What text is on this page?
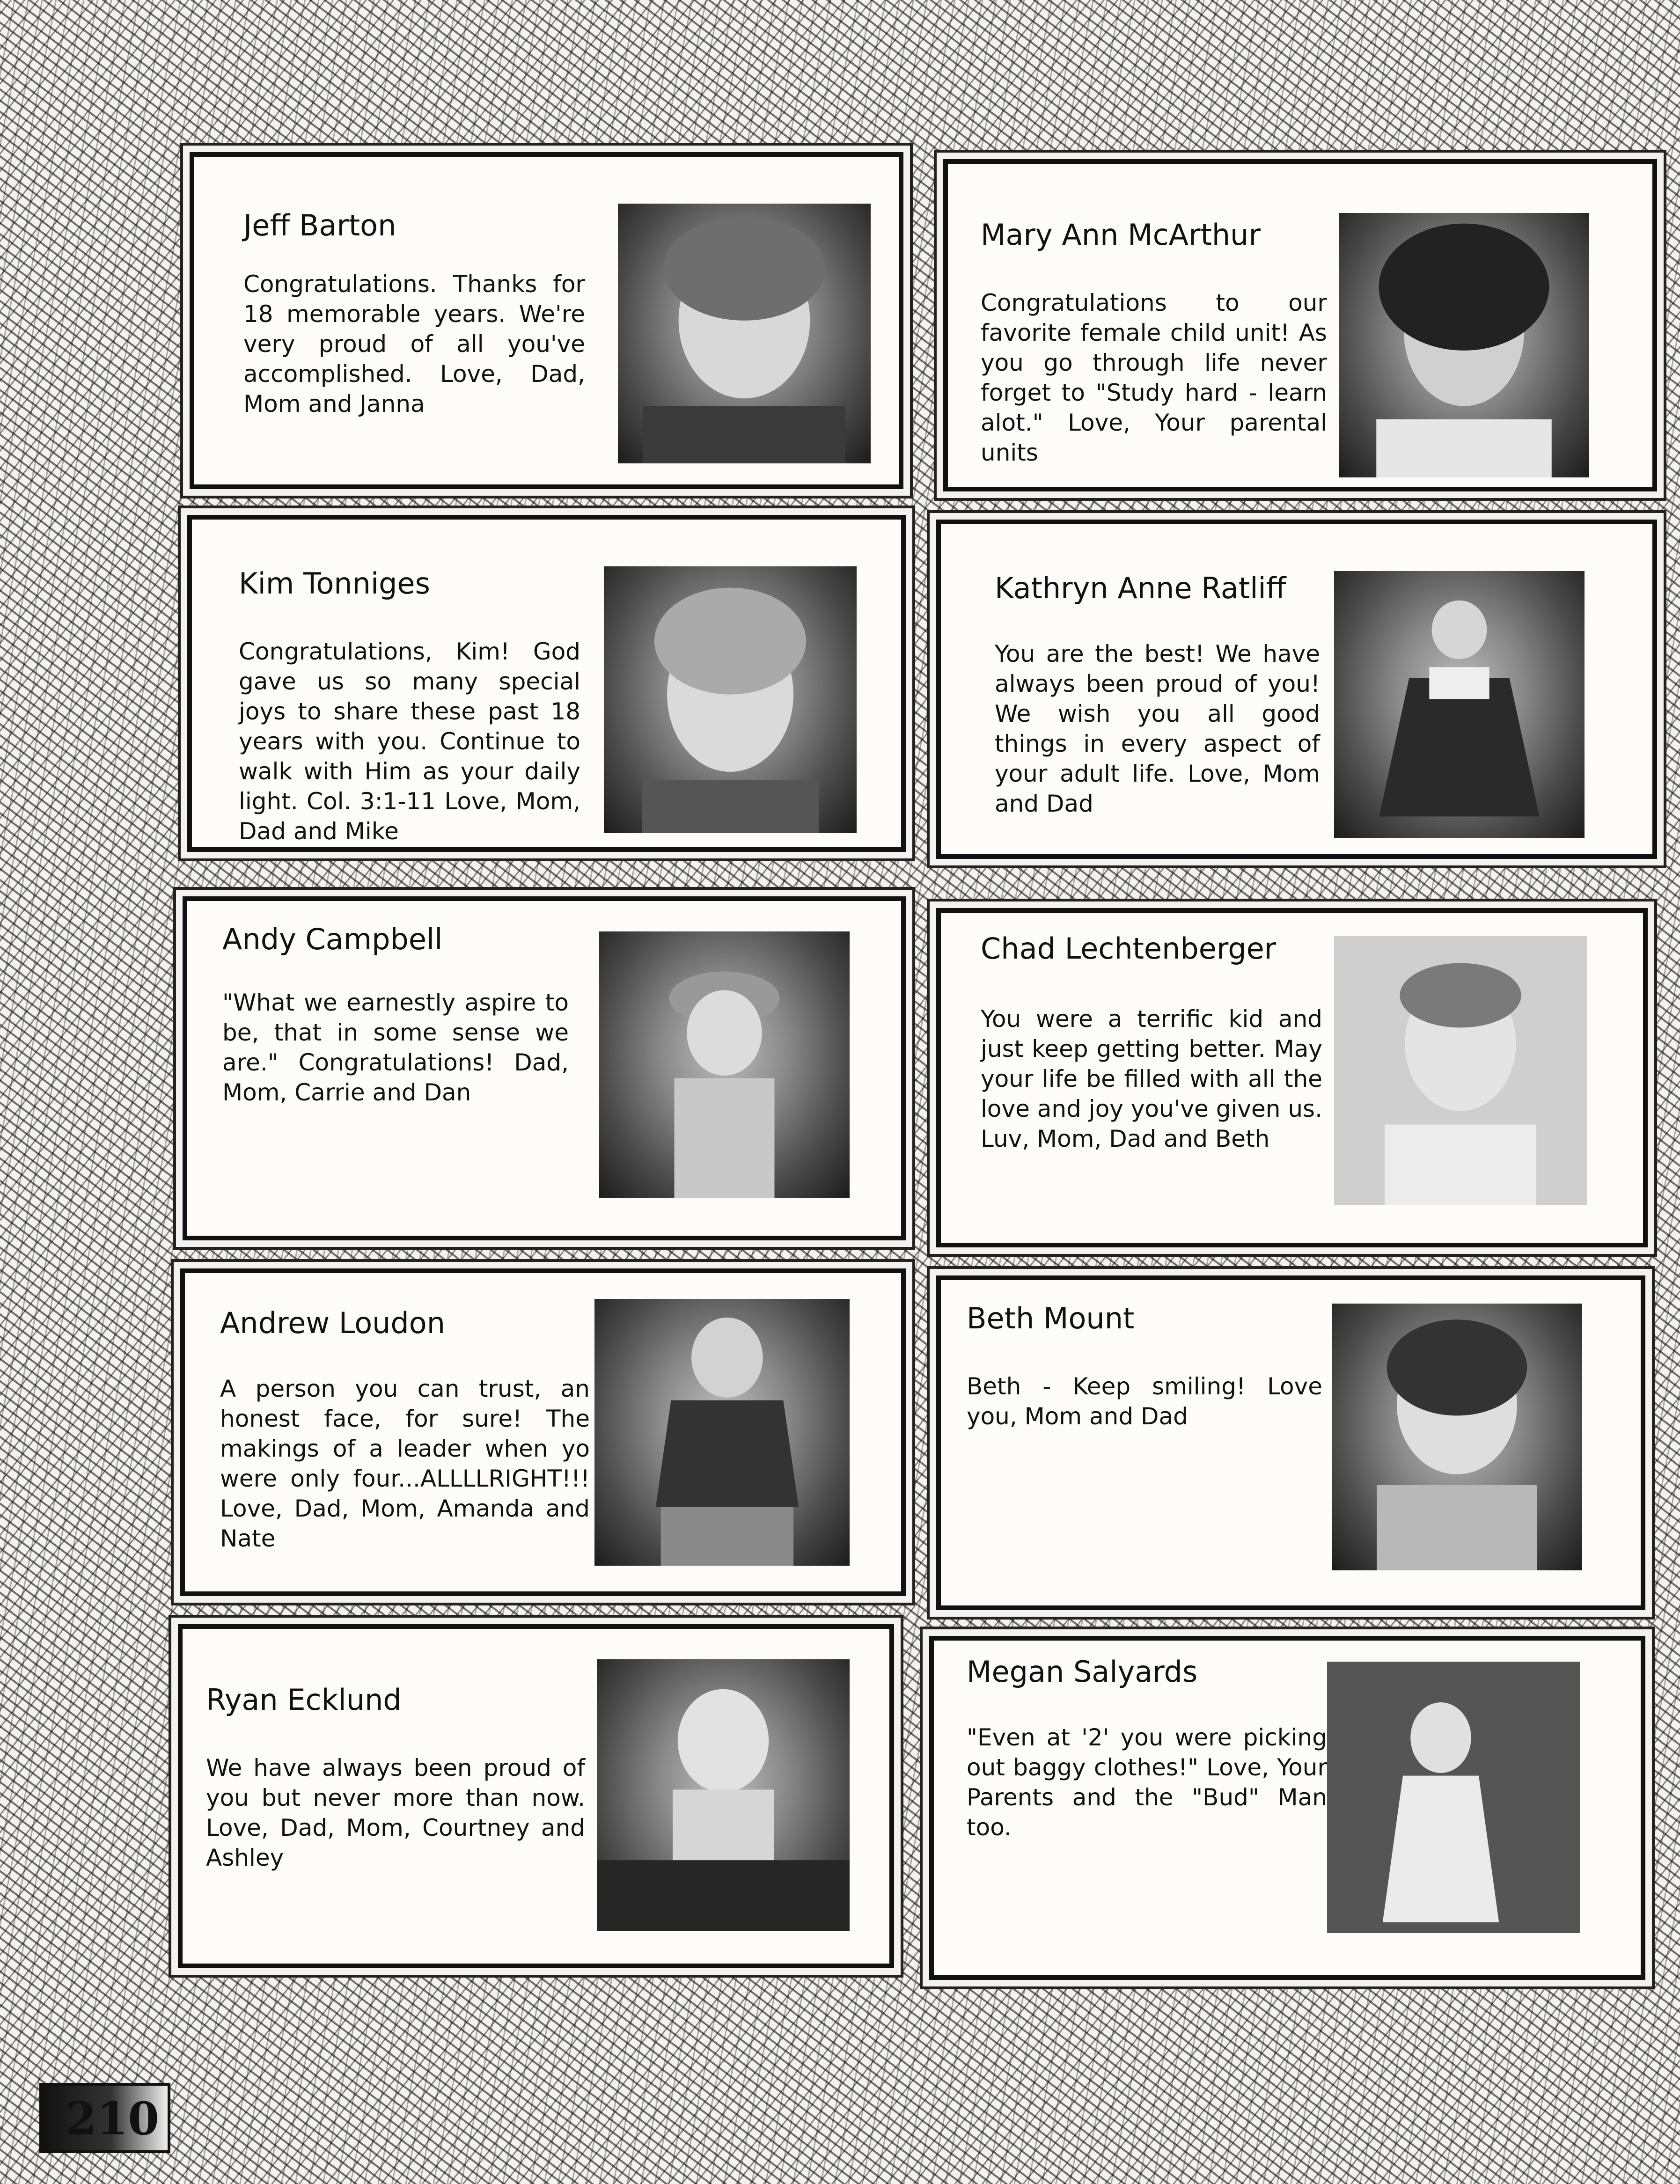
Jeff Barton
Congratulations. Thanks for 18 memorable years. We're very proud of all you've accomplished. Love, Dad, Mom and Janna
Mary Ann McArthur
Congratulations to our favorite female child unit! As you go through life never forget to "Study hard - learn alot." Love, Your parental units
Kim Tonniges
Congratulations, Kim! God gave us so many special joys to share these past 18 years with you. Continue to walk with Him as your daily light. Col. 3:1-11 Love, Mom, Dad and Mike
Kathryn Anne Ratliff
You are the best! We have always been proud of you! We wish you all good things in every aspect of your adult life. Love, Mom and Dad
Andy Campbell
"What we earnestly aspire to be, that in some sense we are." Congratulations! Dad, Mom, Carrie and Dan
Chad Lechtenberger
You were a terrific kid and just keep getting better. May your life be filled with all the love and joy you've given us. Luv, Mom, Dad and Beth
Andrew Loudon
A person you can trust, an honest face, for sure! The makings of a leader when yo were only four...ALLLLRIGHT!!! Love, Dad, Mom, Amanda and Nate
Beth Mount
Beth - Keep smiling! Love you, Mom and Dad
Ryan Ecklund
We have always been proud of you but never more than now. Love, Dad, Mom, Courtney and Ashley
Megan Salyards
"Even at '2' you were picking out baggy clothes!" Love, Your Parents and the "Bud" Man too.
210
